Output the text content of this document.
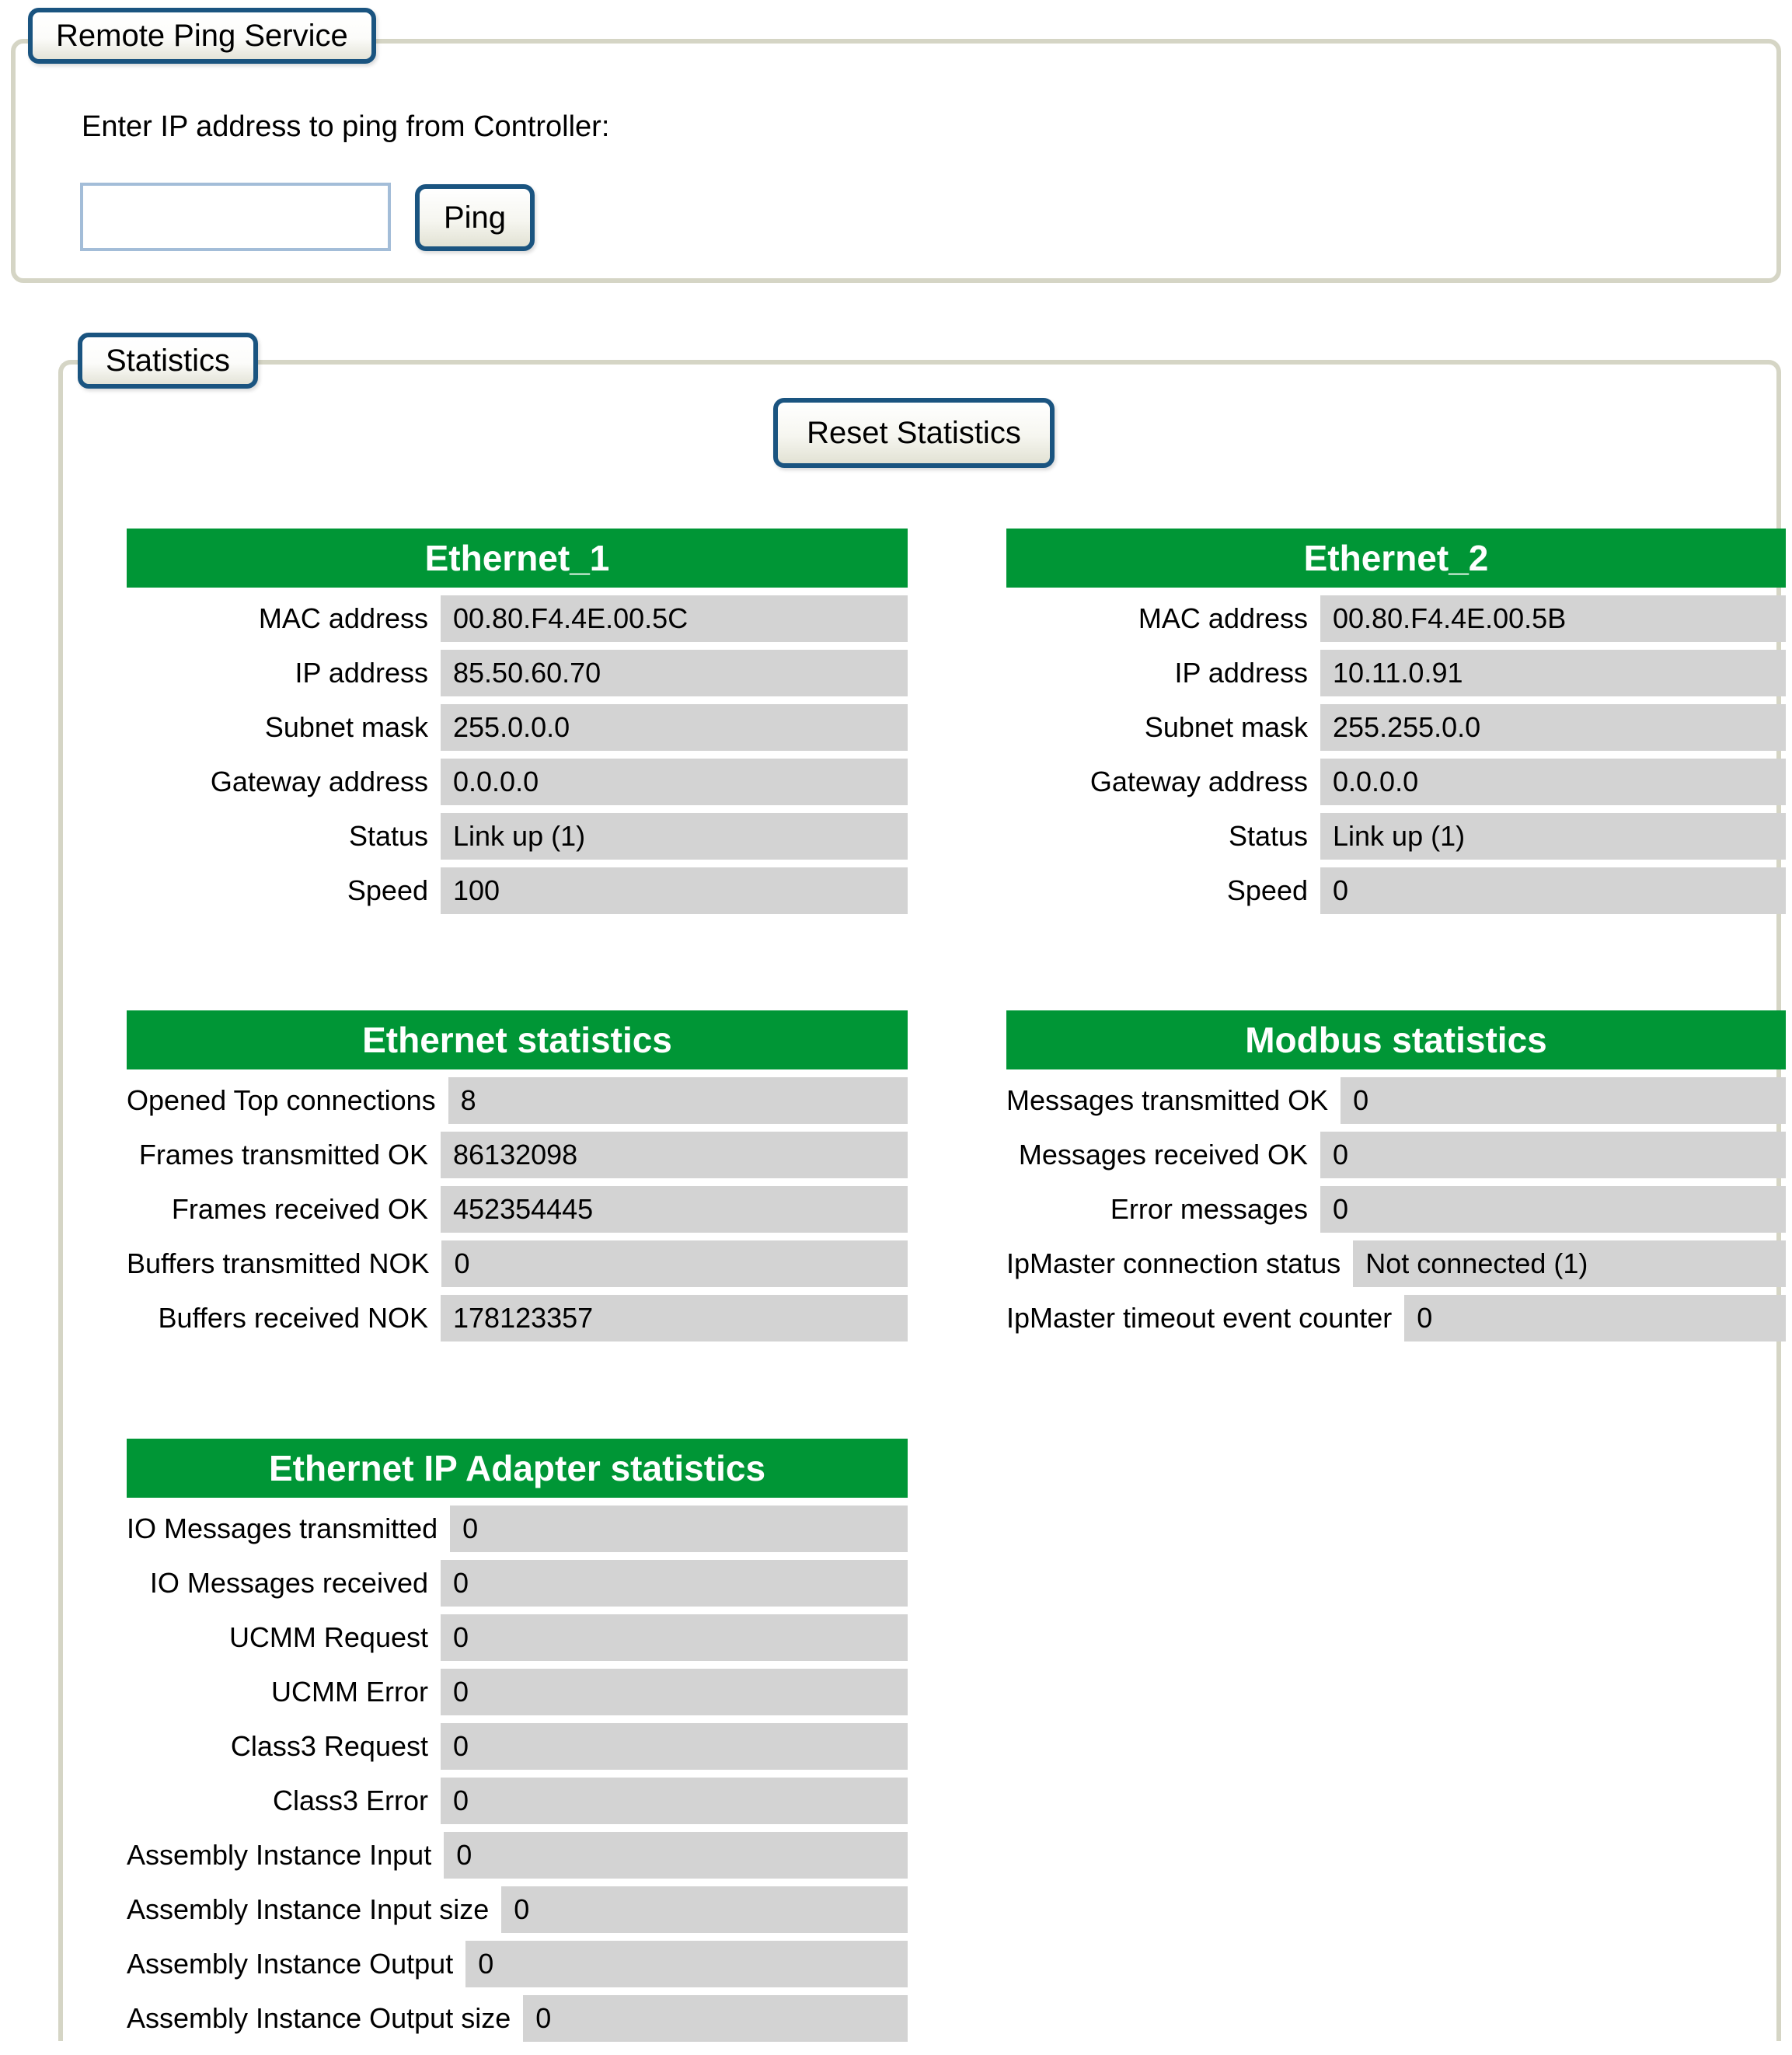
Remote Ping Service
Enter IP address to ping from Controller:
Ping
Statistics
Reset Statistics
Ethernet_1
MAC address 00.80.F4.4E.00.5C
IP address 85.50.60.70
Subnet mask 255.0.0.0
Gateway address 0.0.0.0
Status Link up (1)
Speed 100
Ethernet_2
MAC address 00.80.F4.4E.00.5B
IP address 10.11.0.91
Subnet mask 255.255.0.0
Gateway address 0.0.0.0
Status Link up (1)
Speed 0
Ethernet statistics
Opened Top connections 8
Frames transmitted OK 86132098
Frames received OK 452354445
Buffers transmitted NOK 0
Buffers received NOK 178123357
Modbus statistics
Messages transmitted OK 0
Messages received OK 0
Error messages 0
IpMaster connection status Not connected (1)
IpMaster timeout event counter 0
Ethernet IP Adapter statistics
IO Messages transmitted 0
IO Messages received 0
UCMM Request 0
UCMM Error 0
Class3 Request 0
Class3 Error 0
Assembly Instance Input 0
Assembly Instance Input size 0
Assembly Instance Output 0
Assembly Instance Output size 0
